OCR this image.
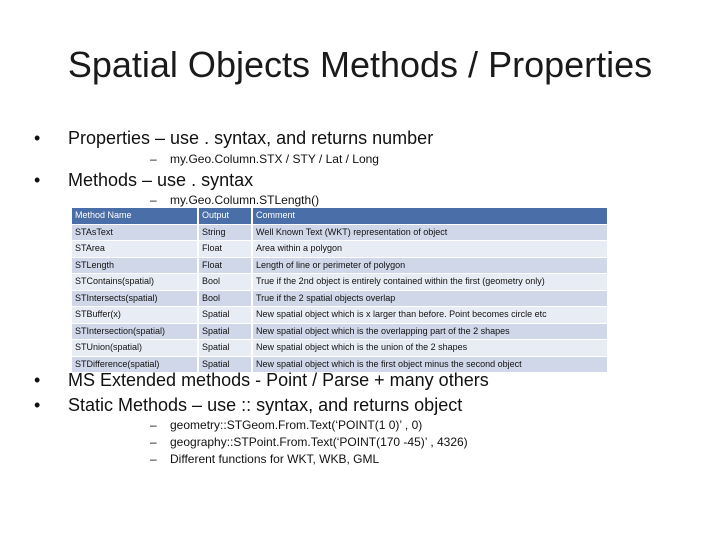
Spatial Objects Methods / Properties
• Properties – use . syntax, and returns number
– my.Geo.Column.STX / STY / Lat / Long
• Methods – use . syntax
– my.Geo.Column.STLength()
Method Name	Output	Comment
STAsText	String	Well Known Text (WKT) representation of object
STArea	Float	Area within a polygon
STLength	Float	Length of line or perimeter of polygon
STContains(spatial)	Bool	True if the 2nd object is entirely contained within the first (geometry only)
STIntersects(spatial)	Bool	True if the 2 spatial objects overlap
STBuffer(x)	Spatial	New spatial object which is x larger than before. Point becomes circle etc
STIntersection(spatial)	Spatial	New spatial object which is the overlapping part of the 2 shapes
STUnion(spatial)	Spatial	New spatial object which is the union of the 2 shapes
STDifference(spatial)	Spatial	New spatial object which is the first object minus the second object
• MS Extended methods - Point / Parse + many others
• Static Methods – use :: syntax, and returns object
– geometry::STGeom.From.Text(‘POINT(1 0)’ , 0)
– geography::STPoint.From.Text(‘POINT(170 -45)’ , 4326)
– Different functions for WKT, WKB, GML
